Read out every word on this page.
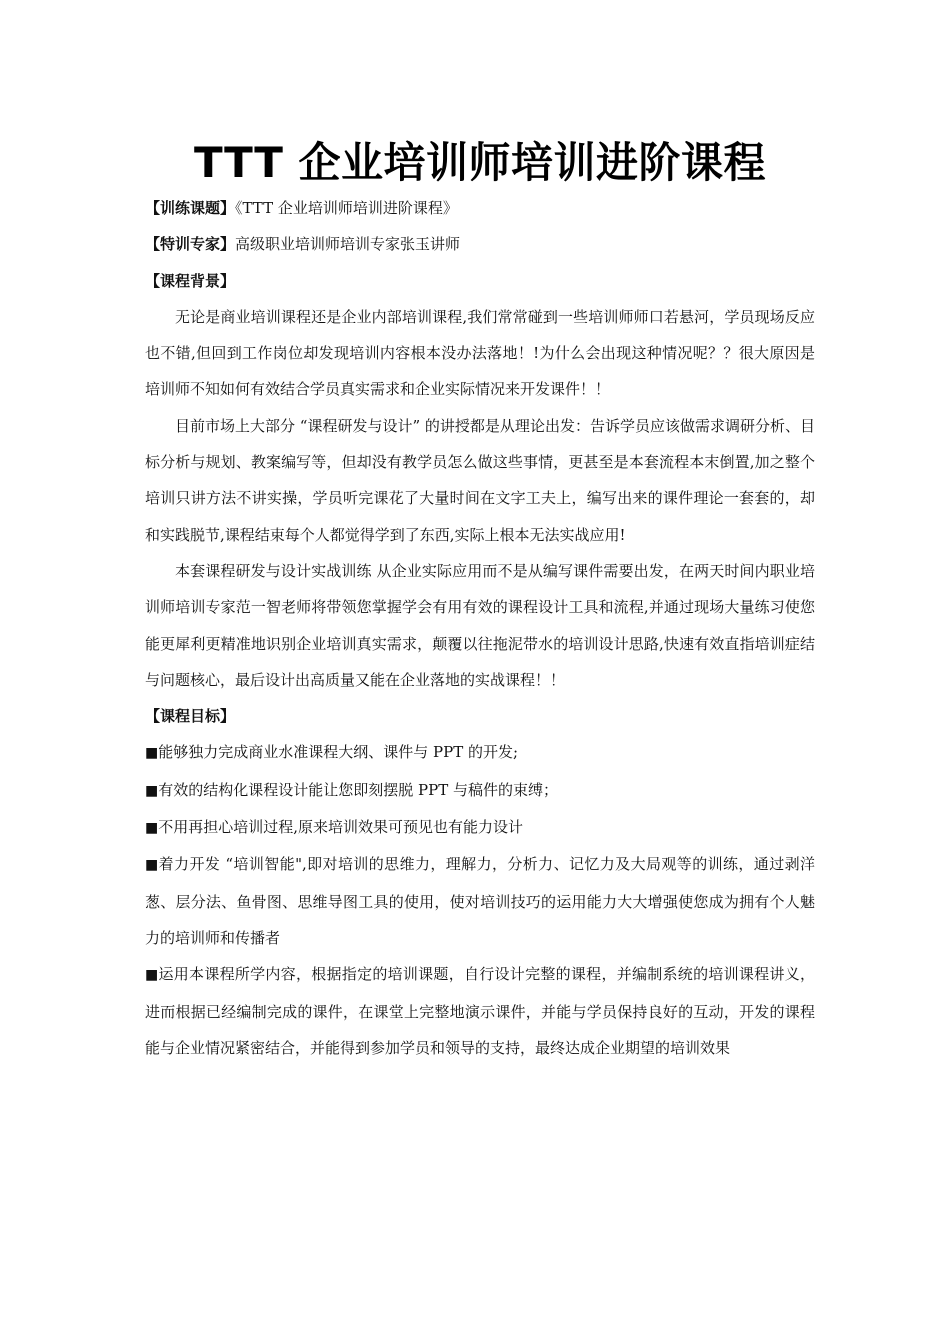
TTT 企业培训师培训进阶课程
【训练课题】《TTT 企业培训师培训进阶课程》
【特训专家】高级职业培训师培训专家张玉讲师
【课程背景】
无论是商业培训课程还是企业内部培训课程,我们常常碰到一些培训师师口若悬河，学员现场反应也不错,但回到工作岗位却发现培训内容根本没办法落地！!为什么会出现这种情况呢？？很大原因是培训师不知如何有效结合学员真实需求和企业实际情况来开发课件！！
目前市场上大部分 “课程研发与设计” 的讲授都是从理论出发：告诉学员应该做需求调研分析、目标分析与规划、教案编写等，但却没有教学员怎么做这些事情，更甚至是本套流程本末倒置,加之整个培训只讲方法不讲实操，学员听完课花了大量时间在文字工夫上，编写出来的课件理论一套套的，却和实践脱节,课程结束每个人都觉得学到了东西,实际上根本无法实战应用!
本套课程研发与设计实战训练 从企业实际应用而不是从编写课件需要出发，在两天时间内职业培训师培训专家范一智老师将带领您掌握学会有用有效的课程设计工具和流程,并通过现场大量练习使您能更犀利更精准地识别企业培训真实需求，颠覆以往拖泥带水的培训设计思路,快速有效直指培训症结与问题核心，最后设计出高质量又能在企业落地的实战课程！！
【课程目标】
■能够独力完成商业水准课程大纲、课件与 PPT 的开发;
■有效的结构化课程设计能让您即刻摆脱 PPT 与稿件的束缚；
■不用再担心培训过程,原来培训效果可预见也有能力设计
■着力开发 “培训智能",即对培训的思维力，理解力，分析力、记忆力及大局观等的训练，通过剥洋葱、层分法、鱼骨图、思维导图工具的使用，使对培训技巧的运用能力大大增强使您成为拥有个人魅力的培训师和传播者
■运用本课程所学内容，根据指定的培训课题，自行设计完整的课程，并编制系统的培训课程讲义，进而根据已经编制完成的课件，在课堂上完整地演示课件，并能与学员保持良好的互动，开发的课程能与企业情况紧密结合，并能得到参加学员和领导的支持，最终达成企业期望的培训效果
